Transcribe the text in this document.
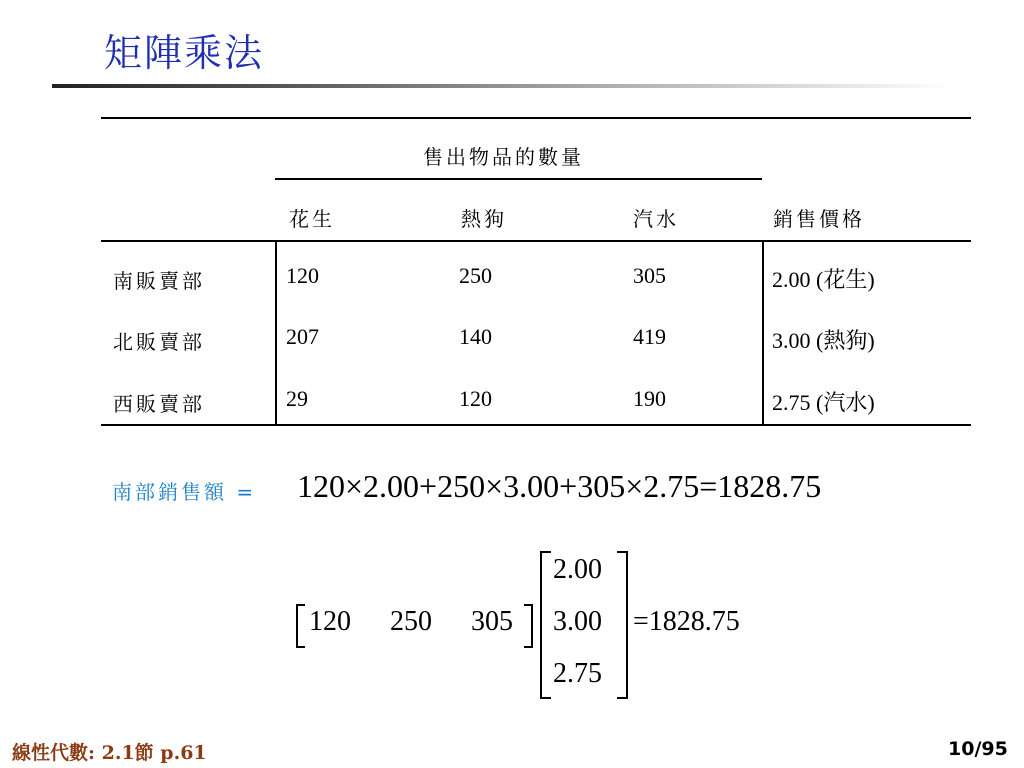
矩陣乘法
售出物品的數量
花生	熱狗	汽水	銷售價格
南販賣部	120	250	305	2.00 (花生)
北販賣部	207	140	419	3.00 (熱狗)
西販賣部	29	120	190	2.75 (汽水)
南部銷售額 = 120×2.00+250×3.00+305×2.75=1828.75
120 250 305
2.00
3.00
2.75
=1828.75
線性代數: 2.1節 p.61	10/95
